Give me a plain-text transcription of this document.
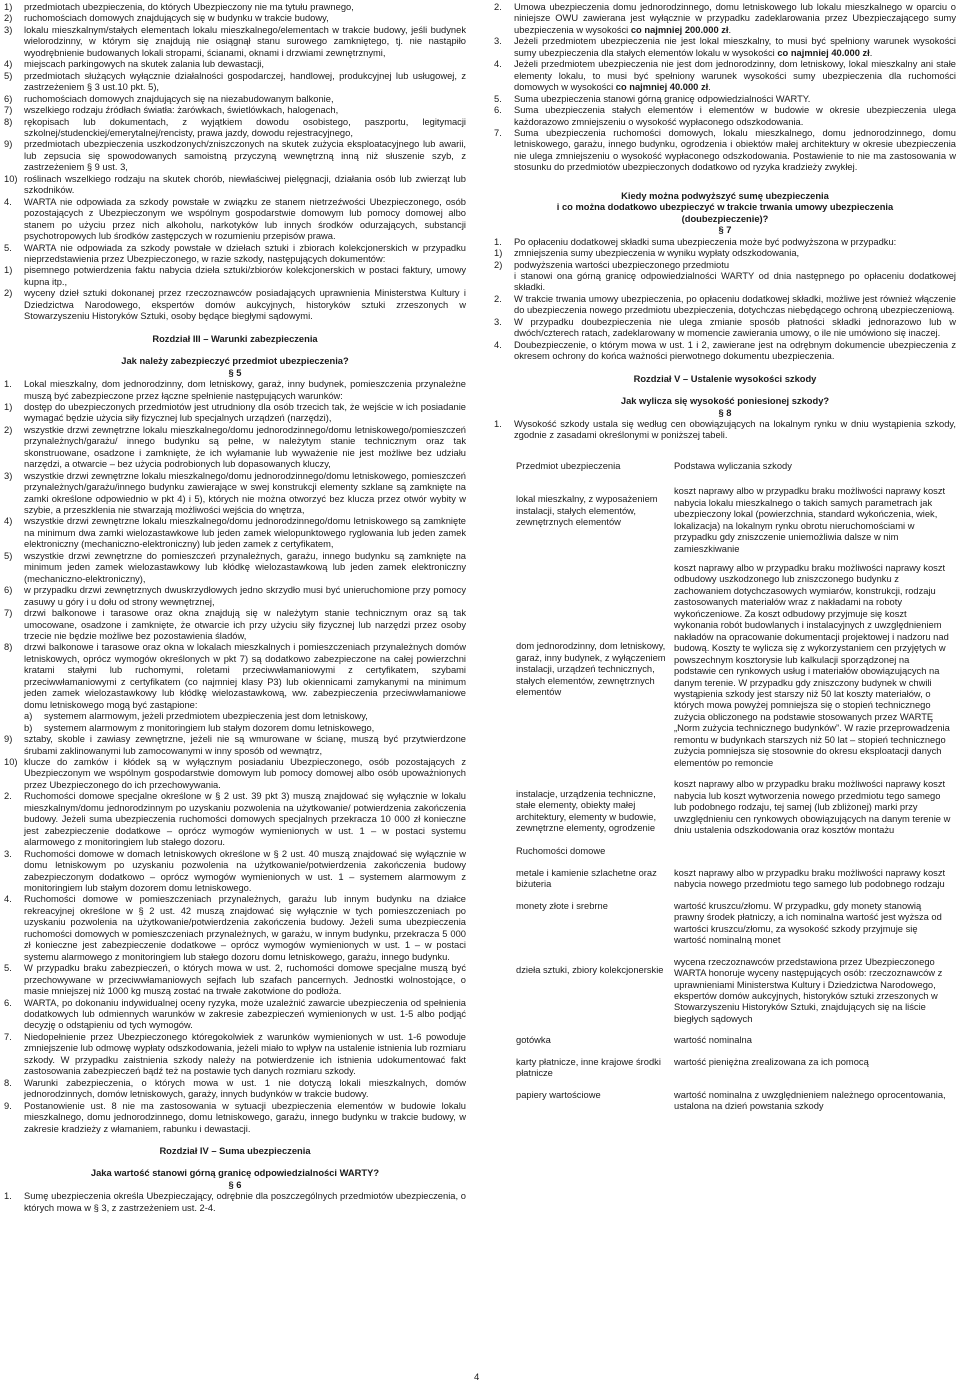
1) przedmiotach ubezpieczenia, do których Ubezpieczony nie ma tytułu prawnego,
2) ruchomościach domowych znajdujących się w budynku w trakcie budowy,
3) lokalu mieszkalnym/stałych elementach lokalu mieszkalnego/elementach w trakcie budowy, jeśli budynek wielorodzinny, w którym się znajdują nie osiągnął stanu surowego zamkniętego, tj. nie nastąpiło wyodrębnienie budowanych lokali stropami, ścianami, oknami i drzwiami zewnętrznymi,
4) miejscach parkingowych na skutek zalania lub dewastacji,
5) przedmiotach służących wyłącznie działalności gospodarczej, handlowej, produkcyjnej lub usługowej, z zastrzeżeniem § 3 ust.10 pkt. 5),
6) ruchomościach domowych znajdujących się na niezabudowanym balkonie,
7) wszelkiego rodzaju źródłach światła: żarówkach, świetlówkach, halogenach,
8) rękopisach lub dokumentach, z wyjątkiem dowodu osobistego, paszportu, legitymacji szkolnej/studenckiej/emerytalnej/rencisty, prawa jazdy, dowodu rejestracyjnego,
9) przedmiotach ubezpieczenia uszkodzonych/zniszczonych na skutek zużycia eksploatacyjnego lub awarii, lub zepsucia się spowodowanych samoistną przyczyną wewnętrzną inną niż słuszenie szyb, z zastrzeżeniem § 9 ust. 3,
10) roślinach wszelkiego rodzaju na skutek chorób, niewłaściwej pielęgnacji, działania osób lub zwierząt lub szkodników.
4. WARTA nie odpowiada za szkody powstałe w związku ze stanem nietrzeźwości Ubezpieczonego, osób pozostających z Ubezpieczonym we wspólnym gospodarstwie domowym lub pomocy domowej albo stanem po użyciu przez nich alkoholu, narkotyków lub innych środków odurzających, substancji psychotropowych lub środków zastępczych w rozumieniu przepisów prawa.
5. WARTA nie odpowiada za szkody powstałe w dziełach sztuki i zbiorach kolekcjonerskich w przypadku nieprzedstawienia przez Ubezpieczonego, w razie szkody, następujących dokumentów:
1) pisemnego potwierdzenia faktu nabycia dzieła sztuki/zbiorów kolekcjonerskich w postaci faktury, umowy kupna itp.,
2) wyceny dzieł sztuki dokonanej przez rzeczoznawców posiadających uprawnienia Ministerstwa Kultury i Dziedzictwa Narodowego, ekspertów domów aukcyjnych, historyków sztuki zrzeszonych w Stowarzyszeniu Historyków Sztuki, osoby będące biegłymi sądowymi.

Rozdział III – Warunki zabezpieczenia

Jak należy zabezpieczyć przedmiot ubezpieczenia?

§ 5

1. Lokal mieszkalny, dom jednorodzinny, dom letniskowy, garaż, inny budynek, pomieszczenia przynależne muszą być zabezpieczone przez łączne spełnienie następujących warunków:
1) dostęp do ubezpieczonych przedmiotów jest utrudniony dla osób trzecich tak, że wejście w ich posiadanie wymagać będzie użycia siły fizycznej lub specjalnych urządzeń (narzędzi),
2) wszystkie drzwi zewnętrzne lokalu mieszkalnego/domu jednorodzinnego/domu letniskowego/pomieszczeń przynależnych/garażu/ innego budynku są pełne, w należytym stanie technicznym oraz tak skonstruowane, osadzone i zamknięte, że ich wyłamanie lub wyważenie nie jest możliwe bez udziału narzędzi, a otwarcie – bez użycia podrobionych lub dopasowanych kluczy,
3) wszystkie drzwi zewnętrzne lokalu mieszkalnego/domu jednorodzinnego/domu letniskowego, pomieszczeń przynależnych/garażu/innego budynku zawierające w swej konstrukcji elementy szklane są zamknięte na zamki określone odpowiednio w pkt 4) i 5), których nie można otworzyć bez klucza przez otwór wybity w szybie, a przeszklenia nie stwarzają możliwości wejścia do wnętrza,
4) wszystkie drzwi zewnętrzne lokalu mieszkalnego/domu jednorodzinnego/domu letniskowego są zamknięte na minimum dwa zamki wielozastawkowe lub jeden zamek wielopunktowego ryglowania lub jeden zamek elektroniczny (mechaniczno-elektroniczny) lub jeden zamek z certyfikatem,
5) wszystkie drzwi zewnętrzne do pomieszczeń przynależnych, garażu, innego budynku są zamknięte na minimum jeden zamek wielozastawkowy lub kłódkę wielozastawkową lub jeden zamek elektroniczny (mechaniczno-elektroniczny),
6) w przypadku drzwi zewnętrznych dwuskrzydłowych jedno skrzydło musi być unieruchomione przy pomocy zasuwy u góry i u dołu od strony wewnętrznej,
7) drzwi balkonowe i tarasowe oraz okna znajdują się w należytym stanie technicznym oraz są tak umocowane, osadzone i zamknięte, że otwarcie ich przy użyciu siły fizycznej lub narzędzi przez osoby trzecie nie będzie możliwe bez pozostawienia śladów,
8) drzwi balkonowe i tarasowe oraz okna w lokalach mieszkalnych i pomieszczeniach przynależnych domów letniskowych, oprócz wymogów określonych w pkt 7) są dodatkowo zabezpieczone na całej powierzchni kratami stałymi lub ruchomymi, roletami przeciwwłamaniowymi z certyfikatem, szybami przeciwwłamaniowymi z certyfikatem (co najmniej klasy P3) lub okiennicami zamykanymi na minimum jeden zamek wielozastawkowy lub kłódkę wielozastawkową, ww. zabezpieczenia przeciwwłamaniowe domu letniskowego mogą być zastąpione:
a) systemem alarmowym, jeżeli przedmiotem ubezpieczenia jest dom letniskowy,
b) systemem alarmowym z monitoringiem lub stałym dozorem domu letniskowego,
9) sztaby, skoble i zawiasy zewnętrzne, jeżeli nie są wmurowane w ścianę, muszą być przytwierdzone śrubami zaklinowanymi lub zamocowanymi w inny sposób od wewnątrz,
10) klucze do zamków i kłódek są w wyłącznym posiadaniu Ubezpieczonego, osób pozostających z Ubezpieczonym we wspólnym gospodarstwie domowym lub pomocy domowej albo osób upoważnionych przez Ubezpieczonego do ich przechowywania.
2. Ruchomości domowe specjalne określone w § 2 ust. 39 pkt 3) muszą znajdować się wyłącznie w lokalu mieszkalnym/domu jednorodzinnym po uzyskaniu pozwolenia na użytkowanie/ potwierdzenia zakończenia budowy. Jeżeli suma ubezpieczenia ruchomości domowych specjalnych przekracza 10 000 zł konieczne jest zabezpieczenie dodatkowe – oprócz wymogów wymienionych w ust. 1 – w postaci systemu alarmowego z monitoringiem lub stałego dozoru.
3. Ruchomości domowe w domach letniskowych określone w § 2 ust. 40 muszą znajdować się wyłącznie w domu letniskowym po uzyskaniu pozwolenia na użytkowanie/potwierdzenia zakończenia budowy zabezpieczonym dodatkowo – oprócz wymogów wymienionych w ust. 1 – systemem alarmowym z monitoringiem lub stałym dozorem domu letniskowego.
4. Ruchomości domowe w pomieszczeniach przynależnych, garażu lub innym budynku na działce rekreacyjnej określone w § 2 ust. 42 muszą znajdować się wyłącznie w tych pomieszczeniach po uzyskaniu pozwolenia na użytkowanie/potwierdzenia zakończenia budowy. Jeżeli suma ubezpieczenia ruchomości domowych w pomieszczeniach przynależnych, w garażu, w innym budynku, przekracza 5 000 zł konieczne jest zabezpieczenie dodatkowe – oprócz wymogów wymienionych w ust. 1 – w postaci systemu alarmowego z monitoringiem lub stałego dozoru domu letniskowego, garażu, innego budynku.
5. W przypadku braku zabezpieczeń, o których mowa w ust. 2, ruchomości domowe specjalne muszą być przechowywane w przeciwwłamaniowych sejfach lub szafach pancernych. Jednostki wolnostojące, o masie mniejszej niż 1000 kg muszą zostać na trwałe zakotwione do podłoża.
6. WARTA, po dokonaniu indywidualnej oceny ryzyka, może uzależnić zawarcie ubezpieczenia od spełnienia dodatkowych lub odmiennych warunków w zakresie zabezpieczeń wymienionych w ust. 1-5 albo podjąć decyzję o odstąpieniu od tych wymogów.
7. Niedopełnienie przez Ubezpieczonego któregokolwiek z warunków wymienionych w ust. 1-6 powoduje zmniejszenie lub odmowę wypłaty odszkodowania, jeżeli miało to wpływ na ustalenie istnienia lub rozmiaru szkody. W przypadku zaistnienia szkody należy na potwierdzenie ich istnienia udokumentować fakt zastosowania zabezpieczeń bądź też na postawie tych danych rozmiaru szkody.
8. Warunki zabezpieczenia, o których mowa w ust. 1 nie dotyczą lokali mieszkalnych, domów jednorodzinnych, domów letniskowych, garaży, innych budynków w trakcie budowy.
9. Postanowienie ust. 8 nie ma zastosowania w sytuacji ubezpieczenia elementów w budowie lokalu mieszkalnego, domu jednorodzinnego, domu letniskowego, garażu, innego budynku w trakcie budowy, w zakresie kradzieży z włamaniem, rabunku i dewastacji.

Rozdział IV – Suma ubezpieczenia

Jaka wartość stanowi górną granicę odpowiedzialności WARTY?

§ 6

1. Sumę ubezpieczenia określa Ubezpieczający, odrębnie dla poszczególnych przedmiotów ubezpieczenia, o których mowa w § 3, z zastrzeżeniem ust. 2-4.
2. Umowa ubezpieczenia domu jednorodzinnego, domu letniskowego lub lokalu mieszkalnego w oparciu o niniejsze OWU zawierana jest wyłącznie w przypadku zadeklarowania przez Ubezpieczającego sumy ubezpieczenia w wysokości co najmniej 200.000 zł.
3. Jeżeli przedmiotem ubezpieczenia nie jest lokal mieszkalny, to musi być spełniony warunek wysokości sumy ubezpieczenia dla stałych elementów lokalu w wysokości co najmniej 40.000 zł.
4. Jeżeli przedmiotem ubezpieczenia nie jest dom jednorodzinny, dom letniskowy, lokal mieszkalny ani stałe elementy lokalu, to musi być spełniony warunek wysokości sumy ubezpieczenia dla ruchomości domowych w wysokości co najmniej 40.000 zł.
5. Suma ubezpieczenia stanowi górną granicę odpowiedzialności WARTY.
6. Suma ubezpieczenia stałych elementów i elementów w budowie w okresie ubezpieczenia ulega każdorazowo zmniejszeniu o wysokość wypłaconego odszkodowania.
7. Suma ubezpieczenia ruchomości domowych, lokalu mieszkalnego, domu jednorodzinnego, domu letniskowego, garażu, innego budynku, ogrodzenia i obiektów małej architektury w okresie ubezpieczenia nie ulega zmniejszeniu o wysokość wypłaconego odszkodowania. Postawienie to nie ma zastosowania w stosunku do przedmiotów ubezpieczonych dodatkowo od ryzyka kradzieży zwykłej.

Kiedy można podwyższyć sumę ubezpieczenia

i co można dodatkowo ubezpieczyć w trakcie trwania umowy ubezpieczenia

(doubezpieczenie)?

§ 7

1. Po opłaceniu dodatkowej składki suma ubezpieczenia może być podwyższona w przypadku:
1) zmniejszenia sumy ubezpieczenia w wyniku wypłaty odszkodowania,
2) podwyższenia wartości ubezpieczonego przedmiotu

i stanowi ona górną granicę odpowiedzialności WARTY od dnia następnego po opłaceniu dodatkowej składki.

2. W trakcie trwania umowy ubezpieczenia, po opłaceniu dodatkowej składki, możliwe jest również włączenie do ubezpieczenia nowego przedmiotu ubezpieczenia, dotychczas niebędącego ochroną ubezpieczeniową.
3. W przypadku doubezpieczenia nie ulega zmianie sposób płatności składki jednorazowo lub w dwóch/czterech ratach, zadeklarowany w momencie zawierania umowy, o ile nie umówiono się inaczej.
4. Doubezpieczenie, o którym mowa w ust. 1 i 2, zawierane jest na odrębnym dokumencie ubezpieczenia z okresem ochrony do końca ważności pierwotnego dokumentu ubezpieczenia.

Rozdział V – Ustalenie wysokości szkody

Jak wylicza się wysokość poniesionej szkody?

§ 8

1. Wysokość szkody ustala się według cen obowiązujących na lokalnym rynku w dniu wystąpienia szkody, zgodnie z zasadami określonymi w poniższej tabeli.
Przedmiot ubezpieczenia	Podstawa wyliczania szkody

lokal mieszkalny, z wyposażeniem instalacji, stałych elementów, zewnętrznych elementów	koszt naprawy albo w przypadku braku możliwości naprawy koszt nabycia lokalu mieszkalnego o takich samych parametrach jak ubezpieczony lokal (powierzchnia, standard wykończenia, wiek, lokalizacja) na lokalnym rynku obrotu nieruchomościami w przypadku gdy zniszczenie uniemożliwia dalsze w nim zamieszkiwanie

dom jednorodzinny, dom letniskowy, garaż, inny budynek, z wyłączeniem instalacji, urządzeń technicznych, stałych elementów, zewnętrznych elementów	koszt naprawy albo w przypadku braku możliwości naprawy koszt odbudowy uszkodzonego lub zniszczonego budynku z zachowaniem dotychczasowych wymiarów, konstrukcji, rodzaju zastosowanych materiałów wraz z nakładami na roboty wykończeniowe. Za koszt odbudowy przyjmuje się koszt wykonania robót budowlanych i instalacyjnych z uwzględnieniem nakładów na opracowanie dokumentacji projektowej i nadzoru nad budową. Koszty te wylicza się z wykorzystaniem cen przyjętych w powszechnym kosztorysie lub kalkulacji sporządzonej na podstawie cen rynkowych usług i materiałów obowiązujących na danym terenie. W przypadku gdy zniszczony budynek w chwili wystąpienia szkody jest starszy niż 50 lat koszty materiałów, o których mowa powyżej pomniejsza się o stopień technicznego zużycia obliczonego na podstawie stosowanych przez WARTĘ „Norm zużycia technicznego budynków”. W razie przeprowadzenia remontu w budynkach starszych niż 50 lat – stopień technicznego zużycia pomniejsza się stosownie do okresu eksploatacji danych elementów po remoncie

instalacje, urządzenia techniczne, stałe elementy, obiekty małej architektury, elementy w budowie, zewnętrzne elementy, ogrodzenie	koszt naprawy albo w przypadku braku możliwości naprawy koszt nabycia lub koszt wytworzenia nowego przedmiotu tego samego lub podobnego rodzaju, tej samej (lub zbliżonej) marki przy uwzględnieniu cen rynkowych obowiązujących na danym terenie w dniu ustalenia odszkodowania oraz kosztów montażu

Ruchomości domowe	

metale i kamienie szlachetne oraz biżuteria	koszt naprawy albo w przypadku braku możliwości naprawy koszt nabycia nowego przedmiotu tego samego lub podobnego rodzaju

monety złote i srebrne	wartość kruszcu/złomu. W przypadku, gdy monety stanowią prawny środek płatniczy, a ich nominalna wartość jest wyższa od wartości kruszcu/złomu, za wysokość szkody przyjmuje się wartość nominalną monet

dzieła sztuki, zbiory kolekcjonerskie	wycena rzeczoznawców przedstawiona przez Ubezpieczonego WARTA honoruje wyceny następujących osób: rzeczoznawców z uprawnieniami Ministerstwa Kultury i Dziedzictwa Narodowego, ekspertów domów aukcyjnych, historyków sztuki zrzeszonych w Stowarzyszeniu Historyków Sztuki, znajdujących się na liście biegłych sądowych

gotówka	wartość nominalna

karty płatnicze, inne krajowe środki płatnicze	wartość pieniężna zrealizowana za ich pomocą

papiery wartościowe	wartość nominalna z uwzględnieniem należnego oprocentowania, ustalona na dzień powstania szkody
4
